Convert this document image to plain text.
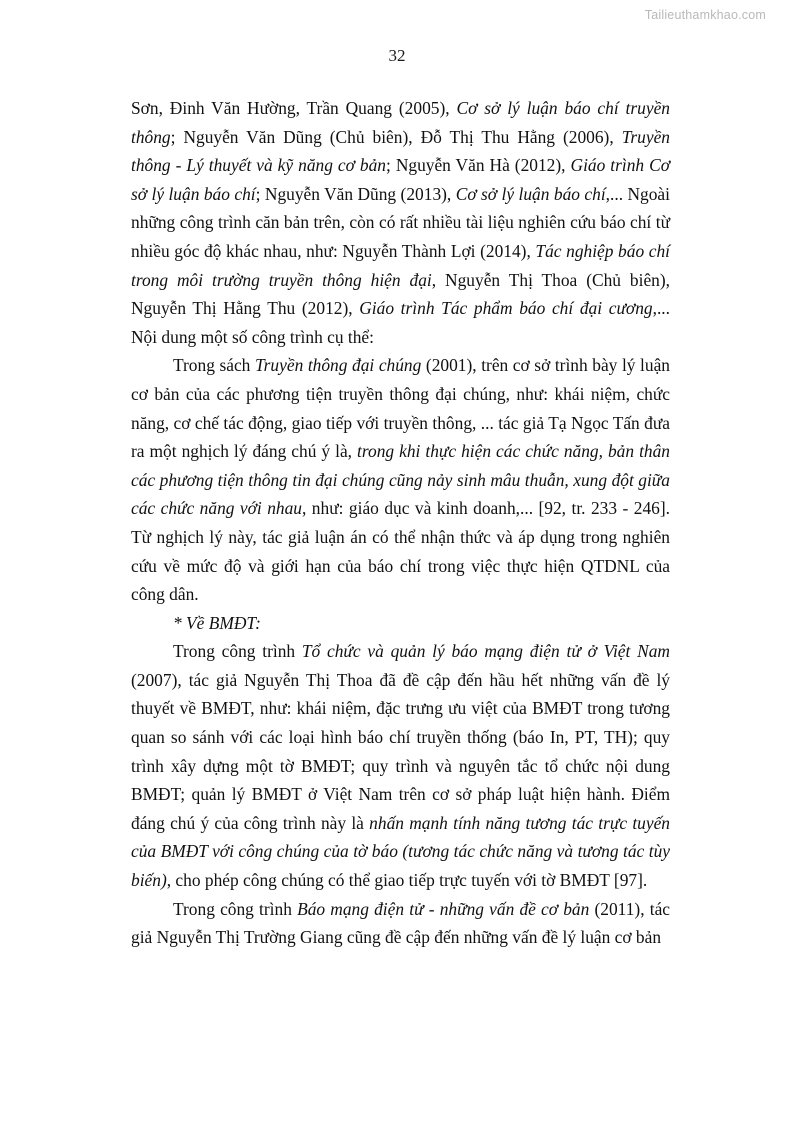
Tailieuthamkhao.com
32

Sơn, Đinh Văn Hường, Trần Quang (2005), Cơ sở lý luận báo chí truyền thông; Nguyễn Văn Dũng (Chủ biên), Đỗ Thị Thu Hằng (2006), Truyền thông - Lý thuyết và kỹ năng cơ bản; Nguyễn Văn Hà (2012), Giáo trình Cơ sở lý luận báo chí; Nguyễn Văn Dũng (2013), Cơ sở lý luận báo chí,... Ngoài những công trình căn bản trên, còn có rất nhiều tài liệu nghiên cứu báo chí từ nhiều góc độ khác nhau, như: Nguyễn Thành Lợi (2014), Tác nghiệp báo chí trong môi trường truyền thông hiện đại, Nguyễn Thị Thoa (Chủ biên), Nguyễn Thị Hằng Thu (2012), Giáo trình Tác phẩm báo chí đại cương,... Nội dung một số công trình cụ thể:

Trong sách Truyền thông đại chúng (2001), trên cơ sở trình bày lý luận cơ bản của các phương tiện truyền thông đại chúng, như: khái niệm, chức năng, cơ chế tác động, giao tiếp với truyền thông, ... tác giả Tạ Ngọc Tấn đưa ra một nghịch lý đáng chú ý là, trong khi thực hiện các chức năng, bản thân các phương tiện thông tin đại chúng cũng nảy sinh mâu thuẫn, xung đột giữa các chức năng với nhau, như: giáo dục và kinh doanh,... [92, tr. 233 - 246]. Từ nghịch lý này, tác giả luận án có thể nhận thức và áp dụng trong nghiên cứu về mức độ và giới hạn của báo chí trong việc thực hiện QTDNL của công dân.

* Về BMĐT:

Trong công trình Tổ chức và quản lý báo mạng điện tử ở Việt Nam (2007), tác giả Nguyễn Thị Thoa đã đề cập đến hầu hết những vấn đề lý thuyết về BMĐT, như: khái niệm, đặc trưng ưu việt của BMĐT trong tương quan so sánh với các loại hình báo chí truyền thống (báo In, PT, TH); quy trình xây dựng một tờ BMĐT; quy trình và nguyên tắc tổ chức nội dung BMĐT; quản lý BMĐT ở Việt Nam trên cơ sở pháp luật hiện hành. Điểm đáng chú ý của công trình này là nhấn mạnh tính năng tương tác trực tuyến của BMĐT với công chúng của tờ báo (tương tác chức năng và tương tác tùy biến), cho phép công chúng có thể giao tiếp trực tuyến với tờ BMĐT [97].

Trong công trình Báo mạng điện tử - những vấn đề cơ bản (2011), tác giả Nguyễn Thị Trường Giang cũng đề cập đến những vấn đề lý luận cơ bản
